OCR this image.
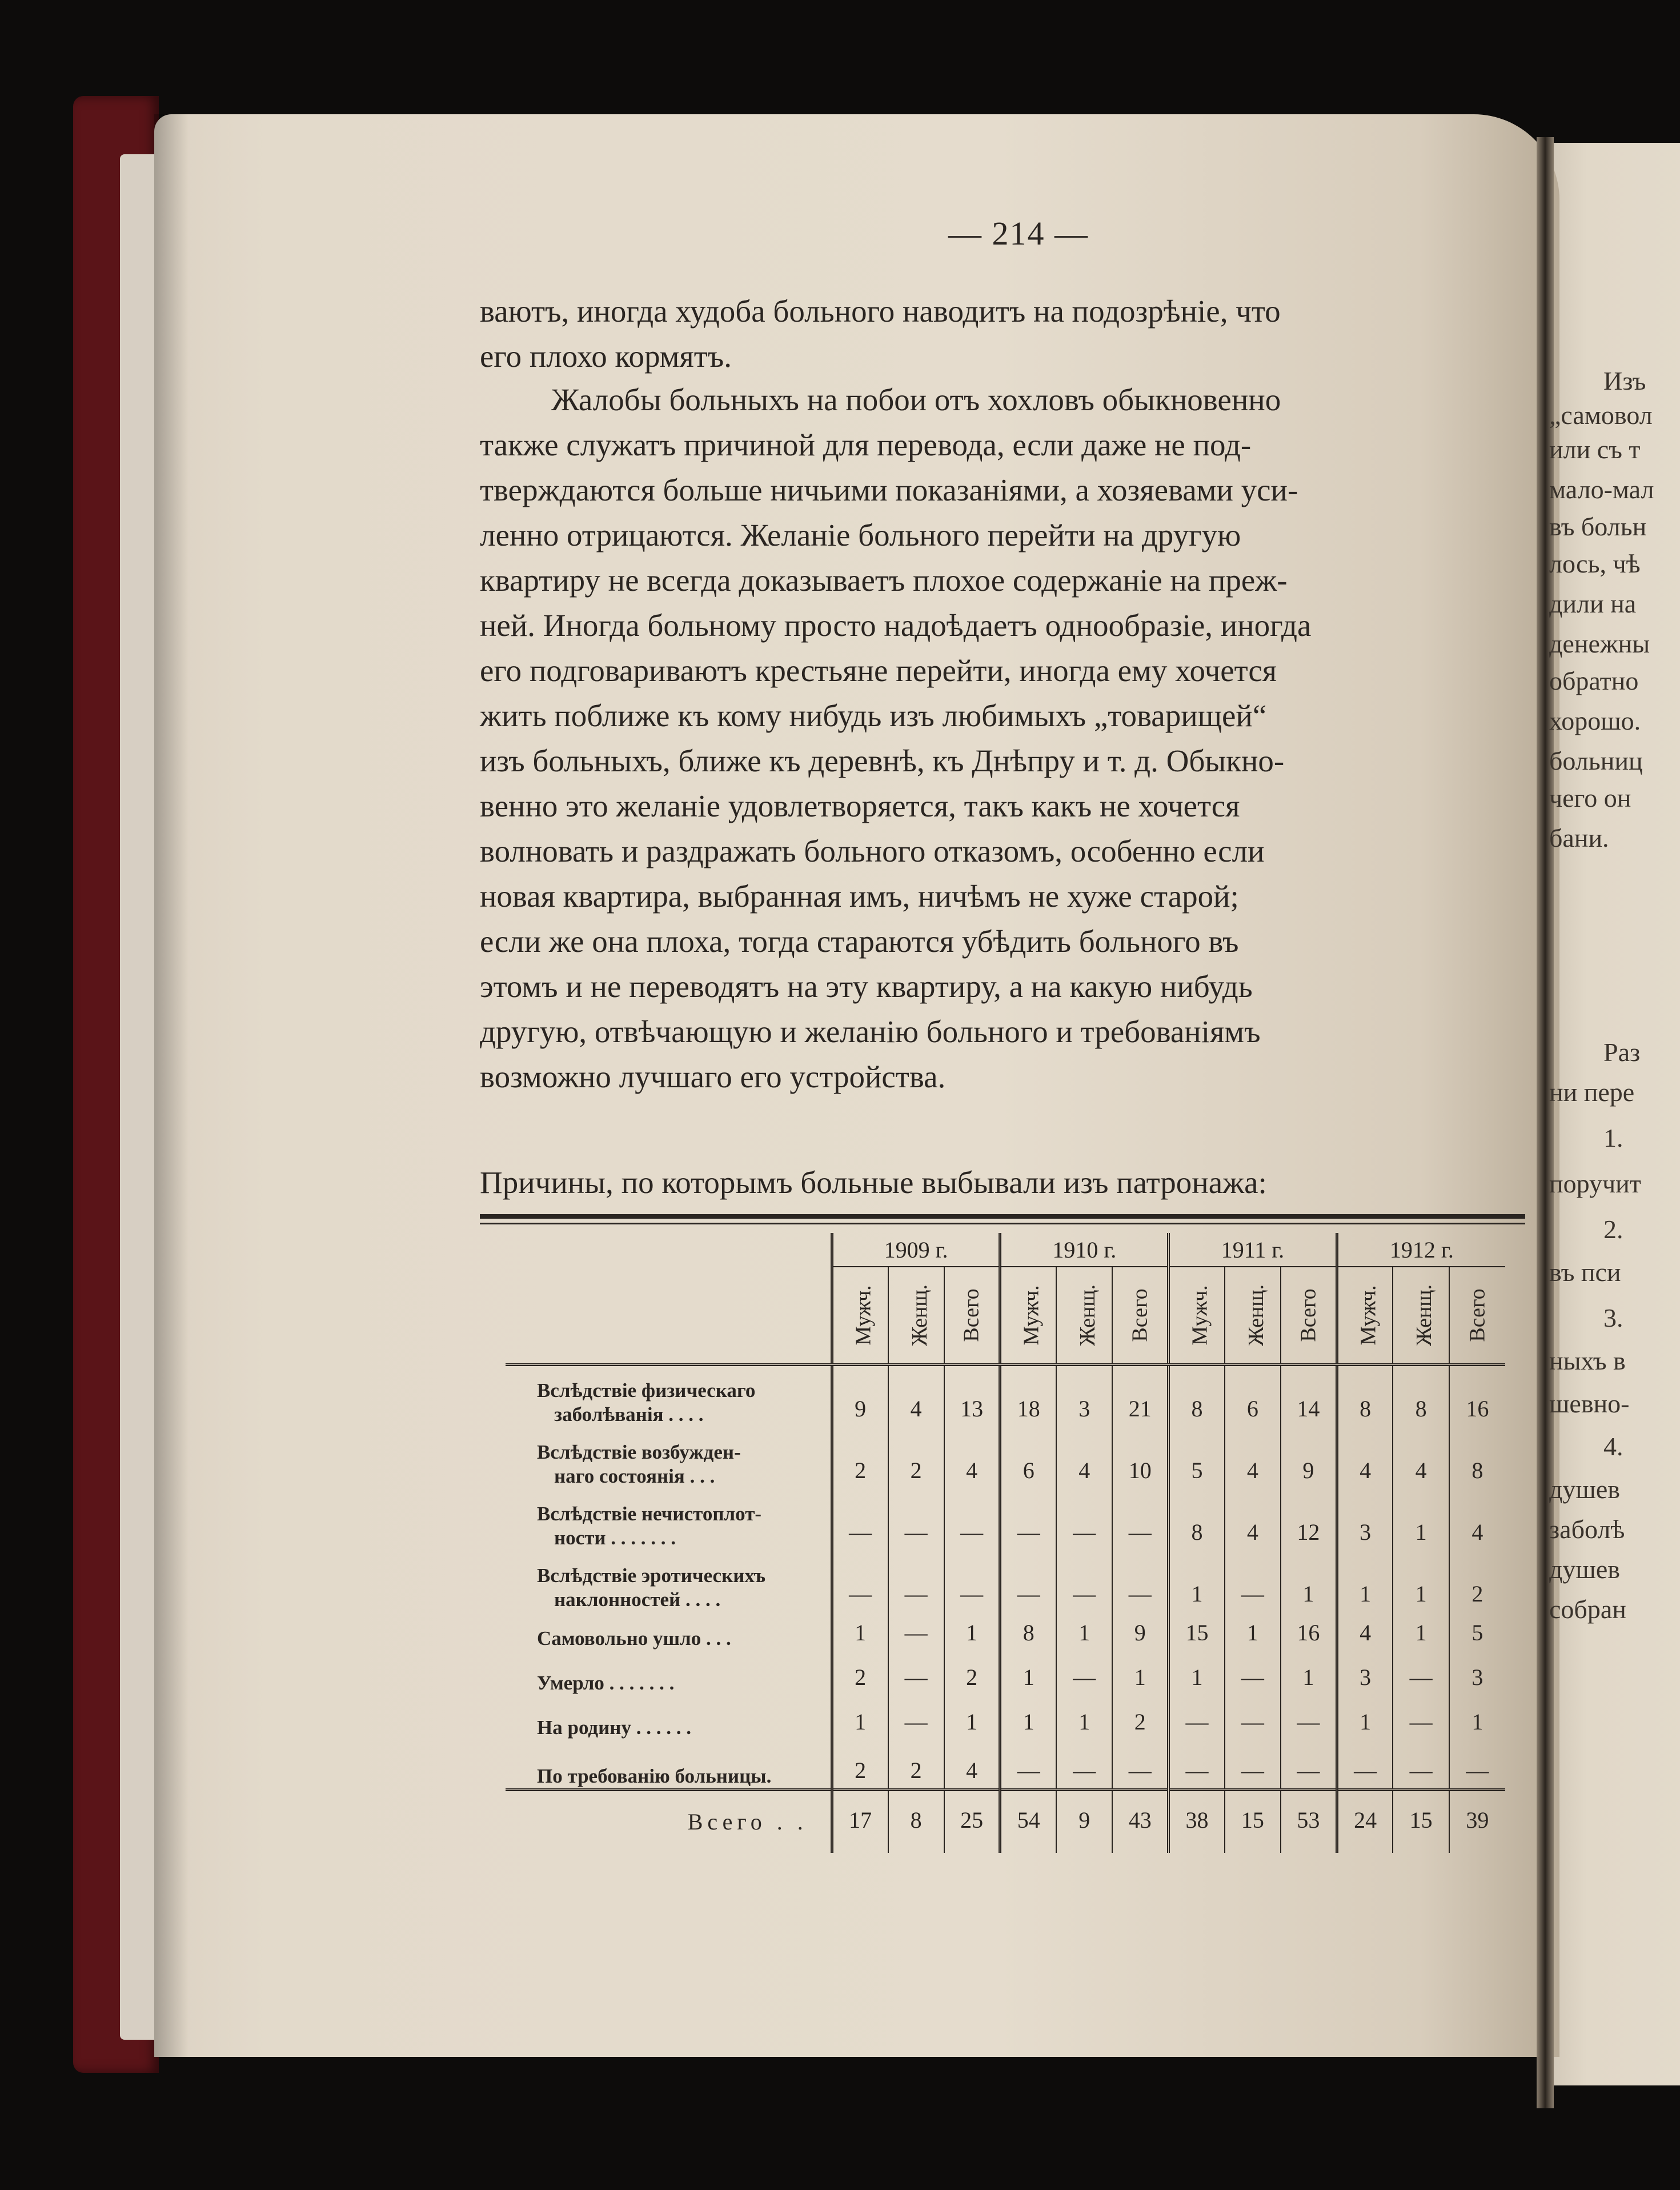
— 214 —
ваютъ, иногда худоба больного наводитъ на подозрѣніе, что
его плохо кормятъ.
Жалобы больныхъ на побои отъ хохловъ обыкновенно
также служатъ причиной для перевода, если даже не под-
тверждаются больше ничьими показаніями, а хозяевами уси-
ленно отрицаются. Желаніе больного перейти на другую
квартиру не всегда доказываетъ плохое содержаніе на преж-
ней. Иногда больному просто надоѣдаетъ однообразіе, иногда
его подговариваютъ крестьяне перейти, иногда ему хочется
жить поближе къ кому нибудь изъ любимыхъ „товарищей“
изъ больныхъ, ближе къ деревнѣ, къ Днѣпру и т. д. Обыкно-
венно это желаніе удовлетворяется, такъ какъ не хочется
волновать и раздражать больного отказомъ, особенно если
новая квартира, выбранная имъ, ничѣмъ не хуже старой;
если же она плоха, тогда стараются убѣдить больного въ
этомъ и не переводятъ на эту квартиру, а на какую нибудь
другую, отвѣчающую и желанію больного и требованіямъ
возможно лучшаго его устройства.
Причины, по которымъ больные выбывали изъ патронажа:
	1909 г.			1910 г.			1911 г.			1912 г.		
	Мужч.	Женщ.	Всего	Мужч.	Женщ.	Всего	Мужч.	Женщ.	Всего	Мужч.	Женщ.	Всего

Вслѣдствіе физическаго
заболѣванія . . . .	9	4	13	18	3	21	8	6	14	8	8	16

Вслѣдствіе возбужден-
наго состоянія . . .	2	2	4	6	4	10	5	4	9	4	4	8

Вслѣдствіе нечистоплот-
ности . . . . . . .	—	—	—	—	—	—	8	4	12	3	1	4

Вслѣдствіе эротическихъ
наклонностей . . . .	—	—	—	—	—	—	1	—	1	1	1	2

Самовольно ушло . . .	1	—	1	8	1	9	15	1	16	4	1	5

Умерло . . . . . . .	2	—	2	1	—	1	1	—	1	3	—	3

На родину . . . . . .	1	—	1	1	1	2	—	—	—	1	—	1

По требованію больницы.	2	2	4	—	—	—	—	—	—	—	—	—
Всего . .	17	8	25	54	9	43	38	15	53	24	15	39
Изъ
„самовол
или съ т
мало-мал
въ больн
лось, чѣ
дили на
денежны
обратно
хорошо.
больниц
чего он
бани.
Раз
ни пере
1.
поручит
2.
въ пси
3.
ныхъ в
шевно-
4.
душев
заболѣ
душев
собран
